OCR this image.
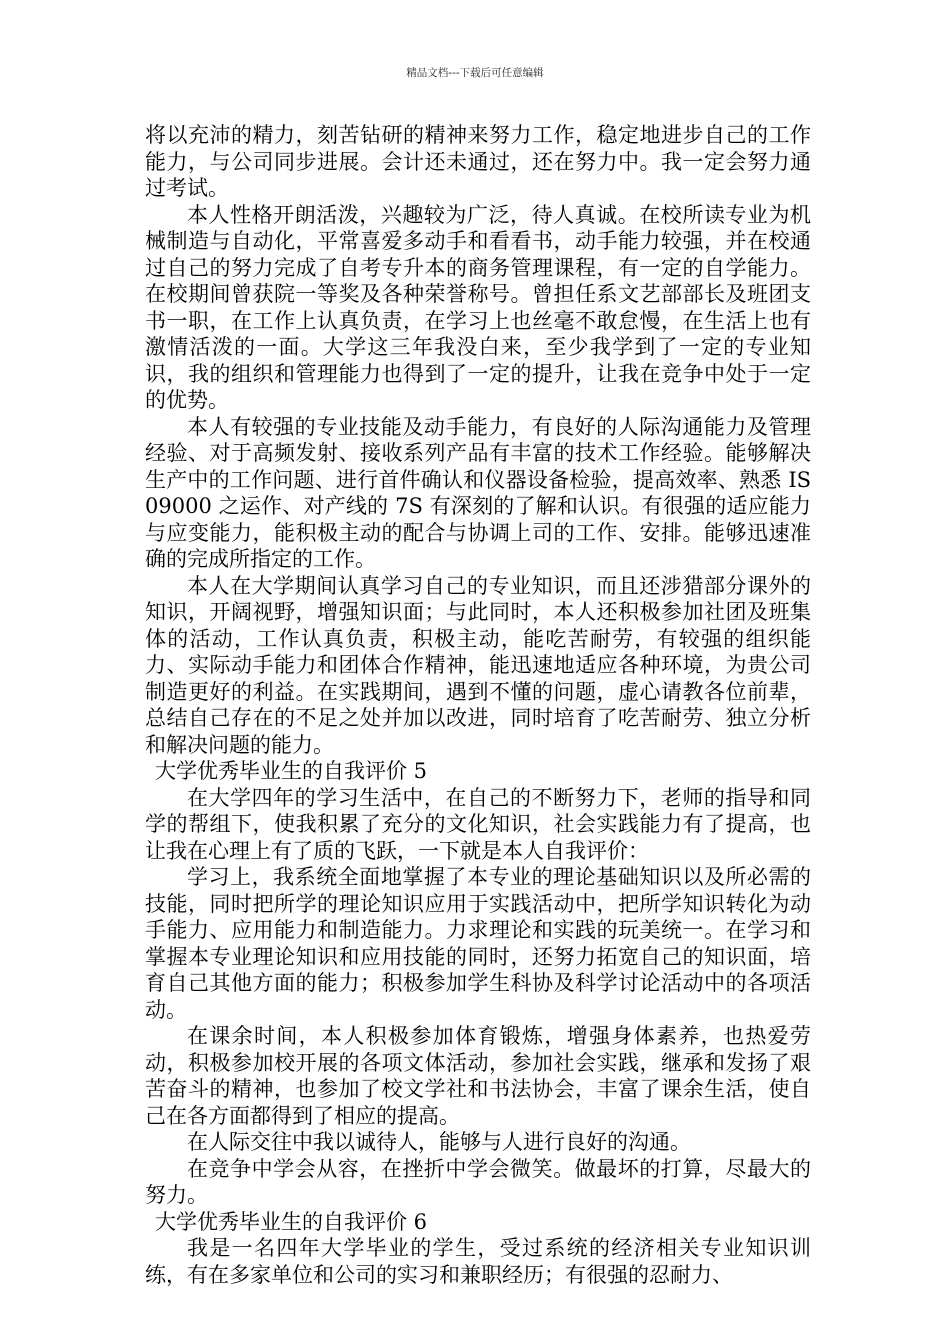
精品文档---下载后可任意编辑

将以充沛的精力，刻苦钻研的精神来努力工作，稳定地进步自己的工作能力，与公司同步进展。会计还未通过，还在努力中。我一定会努力通过考试。

本人性格开朗活泼，兴趣较为广泛，待人真诚。在校所读专业为机械制造与自动化，平常喜爱多动手和看看书，动手能力较强，并在校通过自己的努力完成了自考专升本的商务管理课程，有一定的自学能力。在校期间曾获院一等奖及各种荣誉称号。曾担任系文艺部部长及班团支书一职，在工作上认真负责，在学习上也丝毫不敢怠慢，在生活上也有激情活泼的一面。大学这三年我没白来，至少我学到了一定的专业知识，我的组织和管理能力也得到了一定的提升，让我在竞争中处于一定的优势。

本人有较强的专业技能及动手能力，有良好的人际沟通能力及管理经验、对于高频发射、接收系列产品有丰富的技术工作经验。能够解决生产中的工作问题、进行首件确认和仪器设备检验，提高效率、熟悉 IS09000 之运作、对产线的 7S 有深刻的了解和认识。有很强的适应能力与应变能力，能积极主动的配合与协调上司的工作、安排。能够迅速准确的完成所指定的工作。

本人在大学期间认真学习自己的专业知识，而且还涉猎部分课外的知识，开阔视野，增强知识面；与此同时，本人还积极参加社团及班集体的活动，工作认真负责，积极主动，能吃苦耐劳，有较强的组织能力、实际动手能力和团体合作精神，能迅速地适应各种环境，为贵公司制造更好的利益。在实践期间，遇到不懂的问题，虚心请教各位前辈，总结自己存在的不足之处并加以改进，同时培育了吃苦耐劳、独立分析和解决问题的能力。

大学优秀毕业生的自我评价 5

在大学四年的学习生活中，在自己的不断努力下，老师的指导和同学的帮组下，使我积累了充分的文化知识，社会实践能力有了提高，也让我在心理上有了质的飞跃，一下就是本人自我评价：

学习上，我系统全面地掌握了本专业的理论基础知识以及所必需的技能，同时把所学的理论知识应用于实践活动中，把所学知识转化为动手能力、应用能力和制造能力。力求理论和实践的玩美统一。在学习和掌握本专业理论知识和应用技能的同时，还努力拓宽自己的知识面，培育自己其他方面的能力；积极参加学生科协及科学讨论活动中的各项活动。

在课余时间，本人积极参加体育锻炼，增强身体素养，也热爱劳动，积极参加校开展的各项文体活动，参加社会实践，继承和发扬了艰苦奋斗的精神，也参加了校文学社和书法协会，丰富了课余生活，使自己在各方面都得到了相应的提高。

在人际交往中我以诚待人，能够与人进行良好的沟通。

在竞争中学会从容，在挫折中学会微笑。做最坏的打算，尽最大的努力。

大学优秀毕业生的自我评价 6

我是一名四年大学毕业的学生，受过系统的经济相关专业知识训练，有在多家单位和公司的实习和兼职经历；有很强的忍耐力、
